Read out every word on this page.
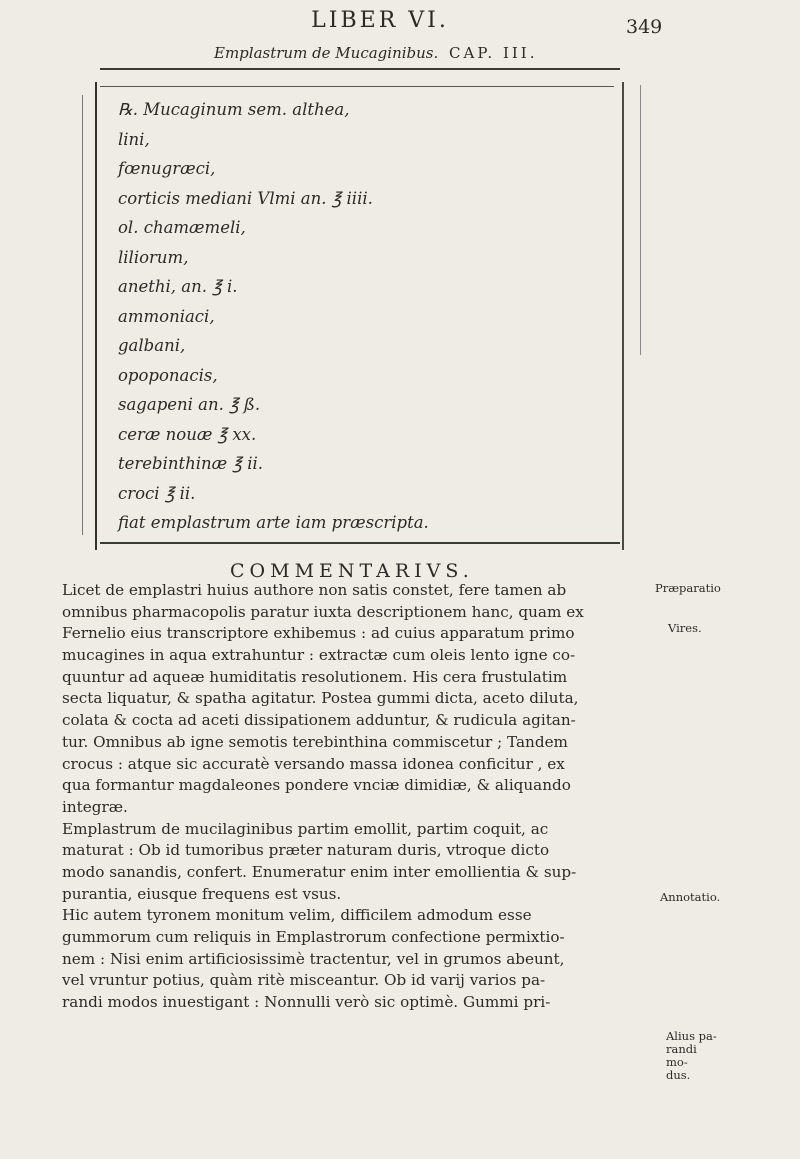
LIBER VI.	349
Emplastrum de Mucaginibus. CAP. III.
℞. Mucaginum sem. althea,
lini,
fœnugræci,
corticis mediani Vlmi an. ℥ iiii.
ol. chamæmeli,
liliorum,
anethi, an. ℥ i.
ammoniaci,
galbani,
opoponacis,
sagapeni an. ℥ ß.
ceræ nouæ ℥ xx.
terebinthinæ ℥ ii.
croci ℥ ii.
fiat emplastrum arte iam præscripta.
COMMENTARIVS.

Licet de emplastri huius authore non satis constet, fere tamen ab
omnibus pharmacopolis paratur iuxta descriptionem hanc, quam ex
Fernelio eius transcriptore exhibemus : ad cuius apparatum primo
mucagines in aqua extrahuntur : extractæ cum oleis lento igne co-
quuntur ad aqueæ humiditatis resolutionem. His cera frustulatim
secta liquatur, & spatha agitatur. Postea gummi dicta, aceto diluta,
colata & cocta ad aceti dissipationem adduntur, & rudicula agitan-
tur. Omnibus ab igne semotis terebinthina commiscetur ; Tandem
crocus : atque sic accuratè versando massa idonea conficitur , ex
qua formantur magdaleones pondere vnciæ dimidiæ, & aliquando
integræ.

Emplastrum de mucilaginibus partim emollit, partim coquit, ac
maturat : Ob id tumoribus præter naturam duris, vtroque dicto
modo sanandis, confert. Enumeratur enim inter emollientia & sup-
purantia, eiusque frequens est vsus.

Hic autem tyronem monitum velim, difficilem admodum esse
gummorum cum reliquis in Emplastrorum confectione permixtio-
nem : Nisi enim artificiosissimè tractentur, vel in grumos abeunt,
vel vruntur potius, quàm ritè misceantur. Ob id varij varios pa-
randi modos inuestigant : Nonnulli verò sic optimè. Gummi pri-

Præparatio
Vires.
Annotatio.
Alius pa-
randi mo-
dus.
